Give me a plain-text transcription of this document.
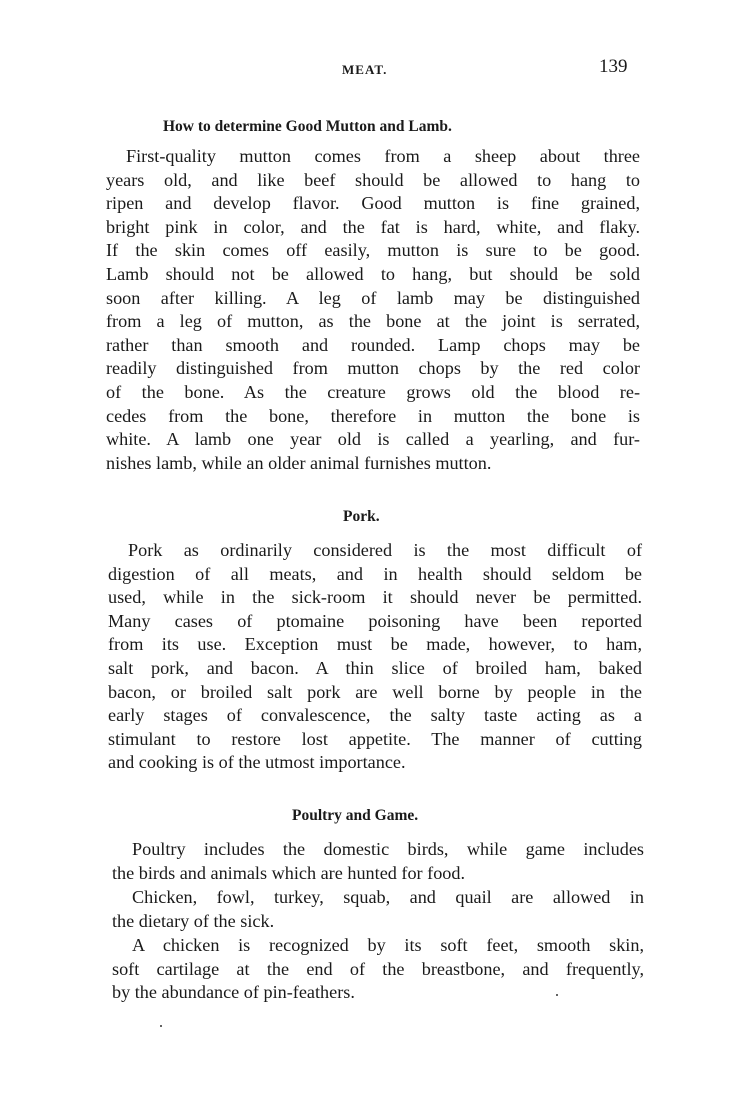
MEAT.	139
How to determine Good Mutton and Lamb.

First-quality mutton comes from a sheep about three
years old, and like beef should be allowed to hang to
ripen and develop flavor. Good mutton is fine grained,
bright pink in color, and the fat is hard, white, and flaky.
If the skin comes off easily, mutton is sure to be good.
Lamb should not be allowed to hang, but should be sold
soon after killing. A leg of lamb may be distinguished
from a leg of mutton, as the bone at the joint is serrated,
rather than smooth and rounded. Lamp chops may be
readily distinguished from mutton chops by the red color
of the bone. As the creature grows old the blood re-
cedes from the bone, therefore in mutton the bone is
white. A lamb one year old is called a yearling, and fur-
nishes lamb, while an older animal furnishes mutton.

Pork.

Pork as ordinarily considered is the most difficult of
digestion of all meats, and in health should seldom be
used, while in the sick-room it should never be permitted.
Many cases of ptomaine poisoning have been reported
from its use. Exception must be made, however, to ham,
salt pork, and bacon. A thin slice of broiled ham, baked
bacon, or broiled salt pork are well borne by people in the
early stages of convalescence, the salty taste acting as a
stimulant to restore lost appetite. The manner of cutting
and cooking is of the utmost importance.

Poultry and Game.

Poultry includes the domestic birds, while game includes
the birds and animals which are hunted for food.

Chicken, fowl, turkey, squab, and quail are allowed in
the dietary of the sick.

A chicken is recognized by its soft feet, smooth skin,
soft cartilage at the end of the breastbone, and frequently,
by the abundance of pin-feathers.
